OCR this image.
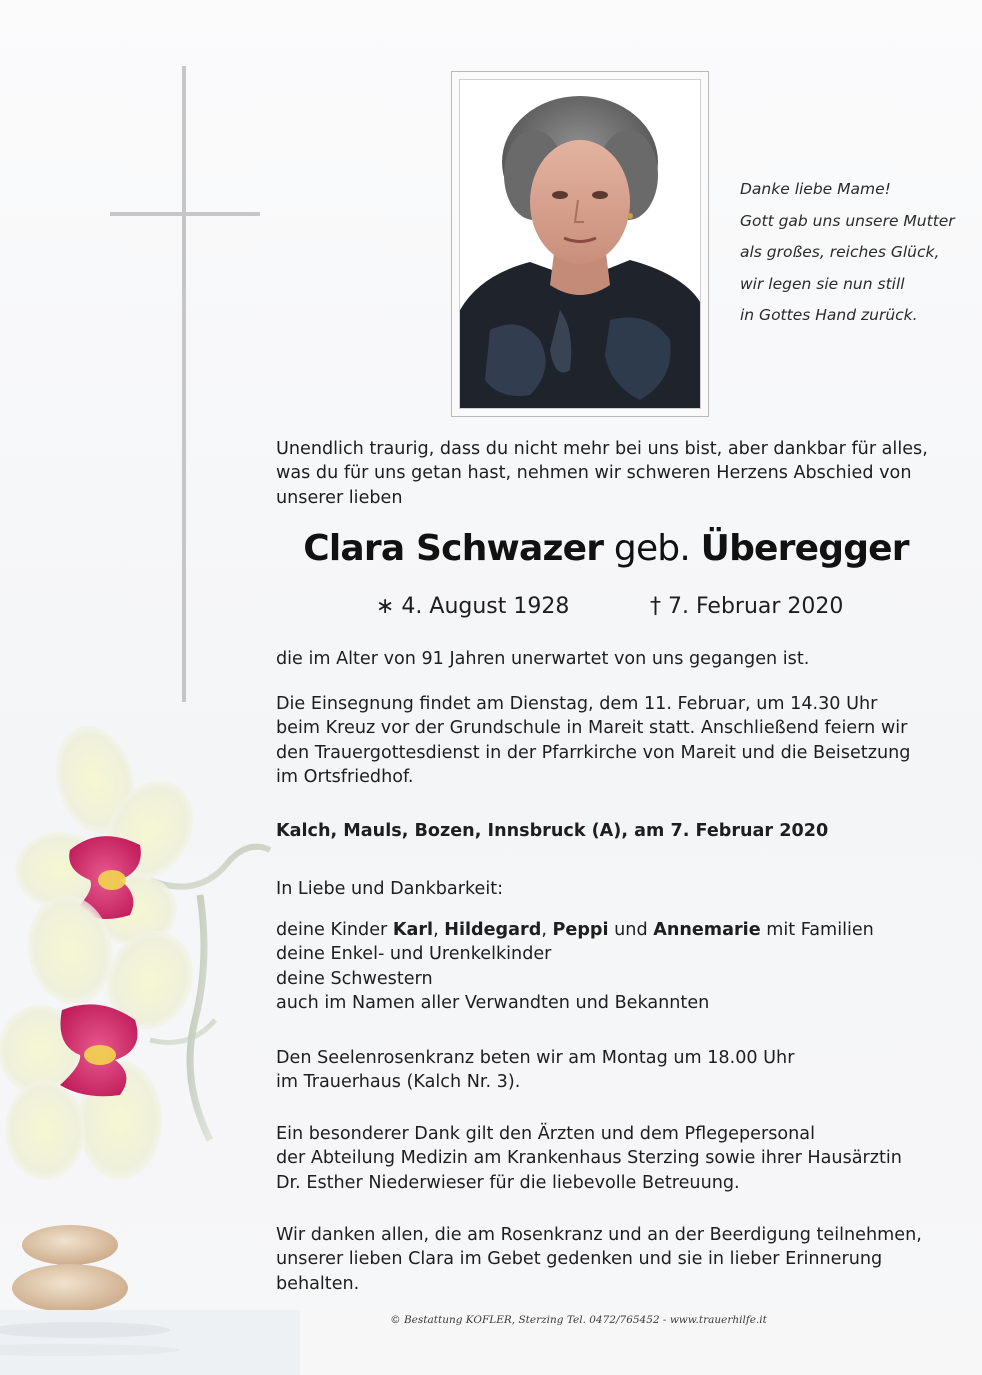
Danke liebe Mame!
Gott gab uns unsere Mutter
als großes, reiches Glück,
wir legen sie nun still
in Gottes Hand zurück.
Unendlich traurig, dass du nicht mehr bei uns bist, aber dankbar für alles,
was du für uns getan hast, nehmen wir schweren Herzens Abschied von
unserer lieben
Clara Schwazer geb. Überegger
∗ 4. August 1928	† 7. Februar 2020
die im Alter von 91 Jahren unerwartet von uns gegangen ist.
Die Einsegnung findet am Dienstag, dem 11. Februar, um 14.30 Uhr
beim Kreuz vor der Grundschule in Mareit statt. Anschließend feiern wir
den Trauergottesdienst in der Pfarrkirche von Mareit und die Beisetzung
im Ortsfriedhof.
Kalch, Mauls, Bozen, Innsbruck (A), am 7. Februar 2020
In Liebe und Dankbarkeit:
deine Kinder Karl, Hildegard, Peppi und Annemarie mit Familien
deine Enkel- und Urenkelkinder
deine Schwestern
auch im Namen aller Verwandten und Bekannten
Den Seelenrosenkranz beten wir am Montag um 18.00 Uhr
im Trauerhaus (Kalch Nr. 3).
Ein besonderer Dank gilt den Ärzten und dem Pflegepersonal
der Abteilung Medizin am Krankenhaus Sterzing sowie ihrer Hausärztin
Dr. Esther Niederwieser für die liebevolle Betreuung.
Wir danken allen, die am Rosenkranz und an der Beerdigung teilnehmen,
unserer lieben Clara im Gebet gedenken und sie in lieber Erinnerung
behalten.
© Bestattung KOFLER, Sterzing Tel. 0472/765452 - www.trauerhilfe.it
